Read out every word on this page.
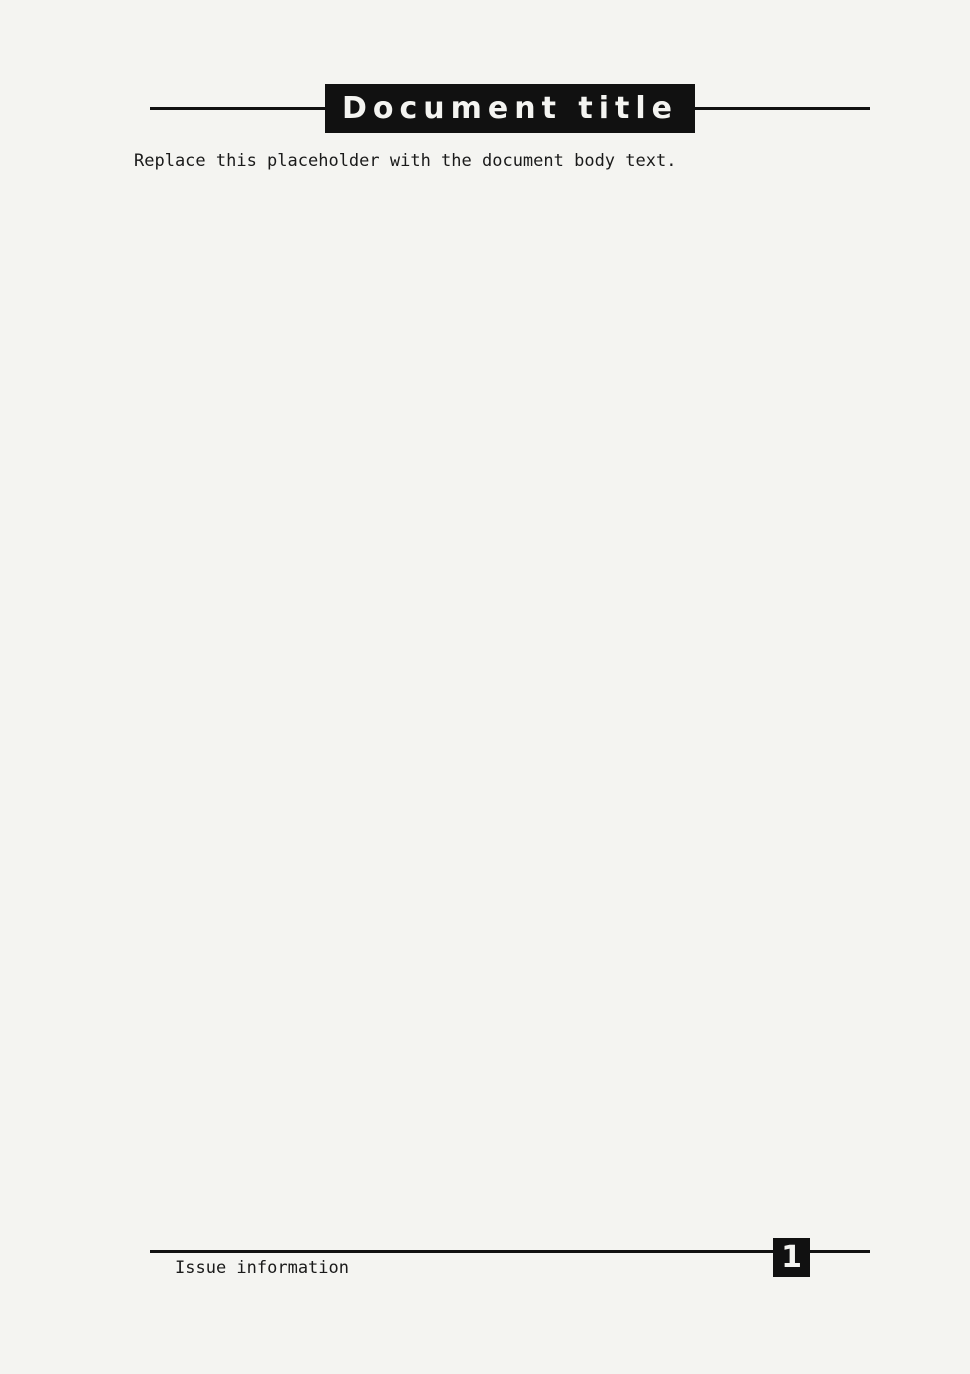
Document title
Replace this placeholder with the document body text.
Issue information	1
